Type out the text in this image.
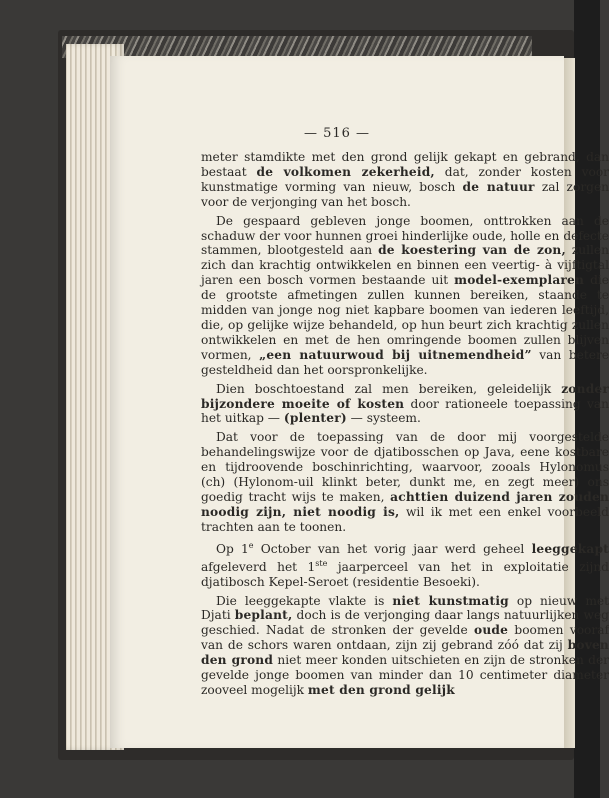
— 516 —

meter stamdikte met den grond gelijk gekapt en gebrand, dan bestaat de volkomen zekerheid, dat, zonder kosten voor kunstmatige vorming van nieuw, bosch de natuur zal zorgen voor de verjonging van het bosch.

De gespaard gebleven jonge boomen, onttrokken aan de schaduw der voor hunnen groei hinderlijke oude, holle en defecte stammen, blootgesteld aan de koestering van de zon, zullen zich dan krachtig ontwikkelen en binnen een veertig- à vijftigtal jaren een bosch vormen bestaande uit model-exemplaren die de grootste afmetingen zullen kunnen bereiken, staande te midden van jonge nog niet kapbare boomen van iederen leeftijd, die, op gelijke wijze behandeld, op hun beurt zich krachtig zullen ontwikkelen en met de hen omringende boomen zullen blijven vormen, „een natuurwoud bij uitnemendheid” van betere gesteldheid dan het oorspronkelijke.

Dien boschtoestand zal men bereiken, geleidelijk zonder bijzondere moeite of kosten door rationeele toepassing van het uitkap — (plenter) — systeem.

Dat voor de toepassing van de door mij voorgestelde behandelingswijze voor de djatibosschen op Java, eene kostbare en tijdroovende boschinrichting, waarvoor, zooals Hylonomus (ch) (Hylonom-uil klinkt beter, dunkt me, en zegt meer) ons goedig tracht wijs te maken, achttien duizend jaren zouden noodig zijn, niet noodig is, wil ik met een enkel voorbeeld trachten aan te toonen.

Op 1e October van het vorig jaar werd geheel leeggekapt afgeleverd het 1ste jaarperceel van het in exploitatie zijnd djatibosch Kepel-Seroet (residentie Besoeki).

Die leeggekapte vlakte is niet kunstmatig op nieuw met Djati beplant, doch is de verjonging daar langs natuurlijken weg geschied. Nadat de stronken der gevelde oude boomen vooraf van de schors waren ontdaan, zijn zij gebrand zóó dat zij boven den grond niet meer konden uitschieten en zijn de stronken der gevelde jonge boomen van minder dan 10 centimeter diameter zooveel mogelijk met den grond gelijk
